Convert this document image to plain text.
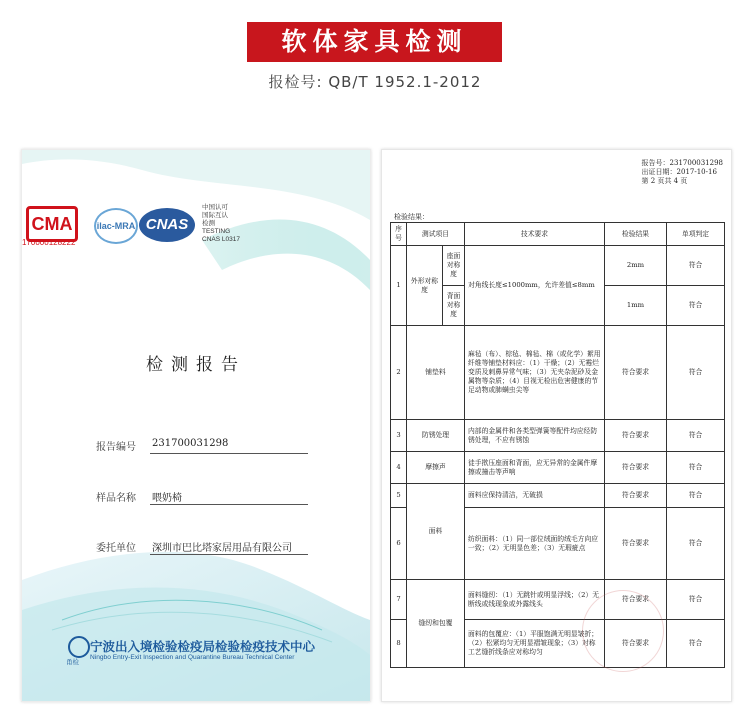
软体家具检测
报检号: QB/T 1952.1-2012
CMA
170000128222
ilac-MRA CNAS
中国认可
国际互认
检测
TESTING
CNAS L0317
检测报告
报告编号 231700031298
样品名称 喂奶椅
委托单位 深圳市巴比塔家居用品有限公司
甬检
宁波出入境检验检疫局检验检疫技术中心
Ningbo Entry-Exit Inspection and Quarantine Bureau Technical Center
报告号：231700031298
出证日期：2017-10-16
第 2 页共 4 页
检验结果：
序号	测试项目		技术要求	检验结果	单项判定
1	外形对称度	座面对称度	对角线长度≤1000mm，允许差值≤8mm	2mm	符合
		背面对称度		1mm	符合
2	铺垫料		麻毡（布）、棕毡、棉毡、棉（或化学）絮用纤维等铺垫材料应：（1）干燥；（2）无霉烂变质及刺鼻异常气味；（3）无夹杂泥砂及金属物等杂质；（4）目视无检出危害健康的节足动物或肺螨虫尖等	符合要求	符合
3	防锈处理		内部的金属件和各类型弹簧等配件均应经防锈处理，不应有锈蚀	符合要求	符合
4	摩擦声		徒手揿压座面和背面，应无异常的金属件摩擦或撞击等声响	符合要求	符合
5	面料		面料应保持清洁，无破损	符合要求	符合
6			纺织面料：（1）同一部位绒面的绒毛方向应一致；（2）无明显色差；（3）无瑕疵点	符合要求	符合
7	缝纫和包覆		面料缝纫：（1）无跳针或明显浮线；（2）无断线或线现象或外露线头	符合要求	符合
8			面料的包覆应：（1）平服饱满无明显皱折；（2）松紧均匀无明显褶皱现象；（3）对称工艺缝折线条应对称均匀	符合要求	符合
